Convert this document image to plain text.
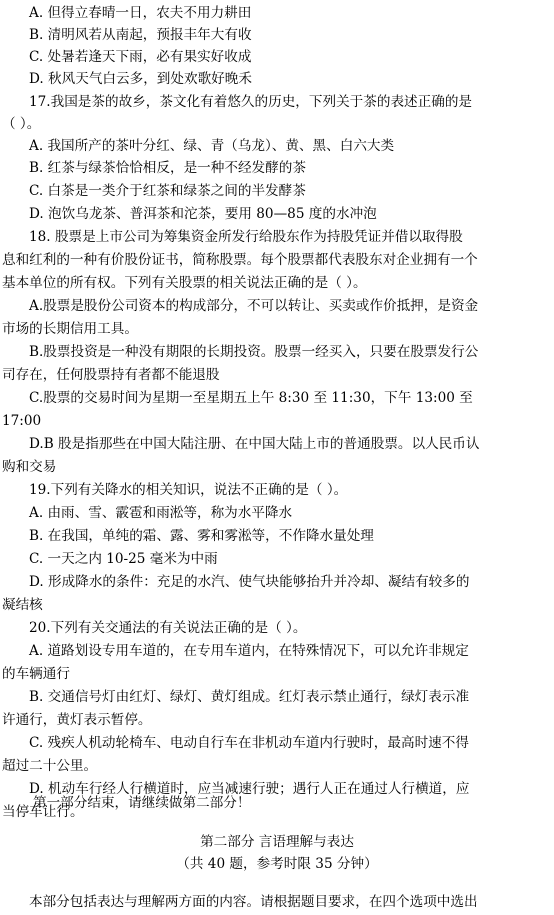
A. 但得立春晴一日，农夫不用力耕田
B. 清明风若从南起，预报丰年大有收
C. 处暑若逢天下雨，必有果实好收成
D. 秋风天气白云多，到处欢歌好晚禾
17.我国是茶的故乡，茶文化有着悠久的历史，下列关于茶的表述正确的是
（ ）。
A. 我国所产的茶叶分红、绿、青（乌龙）、黄、黑、白六大类
B. 红茶与绿茶恰恰相反，是一种不经发酵的茶
C. 白茶是一类介于红茶和绿茶之间的半发酵茶
D. 泡饮乌龙茶、普洱茶和沱茶，要用 80—85 度的水冲泡
18. 股票是上市公司为筹集资金所发行给股东作为持股凭证并借以取得股
息和红利的一种有价股份证书，简称股票。每个股票都代表股东对企业拥有一个
基本单位的所有权。下列有关股票的相关说法正确的是（ ）。
A.股票是股份公司资本的构成部分，不可以转让、买卖或作价抵押，是资金
市场的长期信用工具。
B.股票投资是一种没有期限的长期投资。股票一经买入，只要在股票发行公
司存在，任何股票持有者都不能退股
C.股票的交易时间为星期一至星期五上午 8:30 至 11:30，下午 13:00 至
17:00
D.B 股是指那些在中国大陆注册、在中国大陆上市的普通股票。以人民币认
购和交易
19.下列有关降水的相关知识，说法不正确的是（ ）。
A. 由雨、雪、霰雹和雨淞等，称为水平降水
B. 在我国，单纯的霜、露、雾和雾淞等，不作降水量处理
C. 一天之内 10-25 毫米为中雨
D. 形成降水的条件：充足的水汽、使气块能够抬升并冷却、凝结有较多的
凝结核
20.下列有关交通法的有关说法正确的是（ ）。
A. 道路划设专用车道的，在专用车道内，在特殊情况下，可以允许非规定
的车辆通行
B. 交通信号灯由红灯、绿灯、黄灯组成。红灯表示禁止通行，绿灯表示准
许通行，黄灯表示暂停。
C. 残疾人机动轮椅车、电动自行车在非机动车道内行驶时，最高时速不得
超过二十公里。
D. 机动车行经人行横道时，应当减速行驶；遇行人正在通过人行横道，应
当停车让行。
第一部分结束，请继续做第二部分！
第二部分 言语理解与表达
（共 40 题，参考时限 35 分钟）
本部分包括表达与理解两方面的内容。请根据题目要求，在四个选项中选出
